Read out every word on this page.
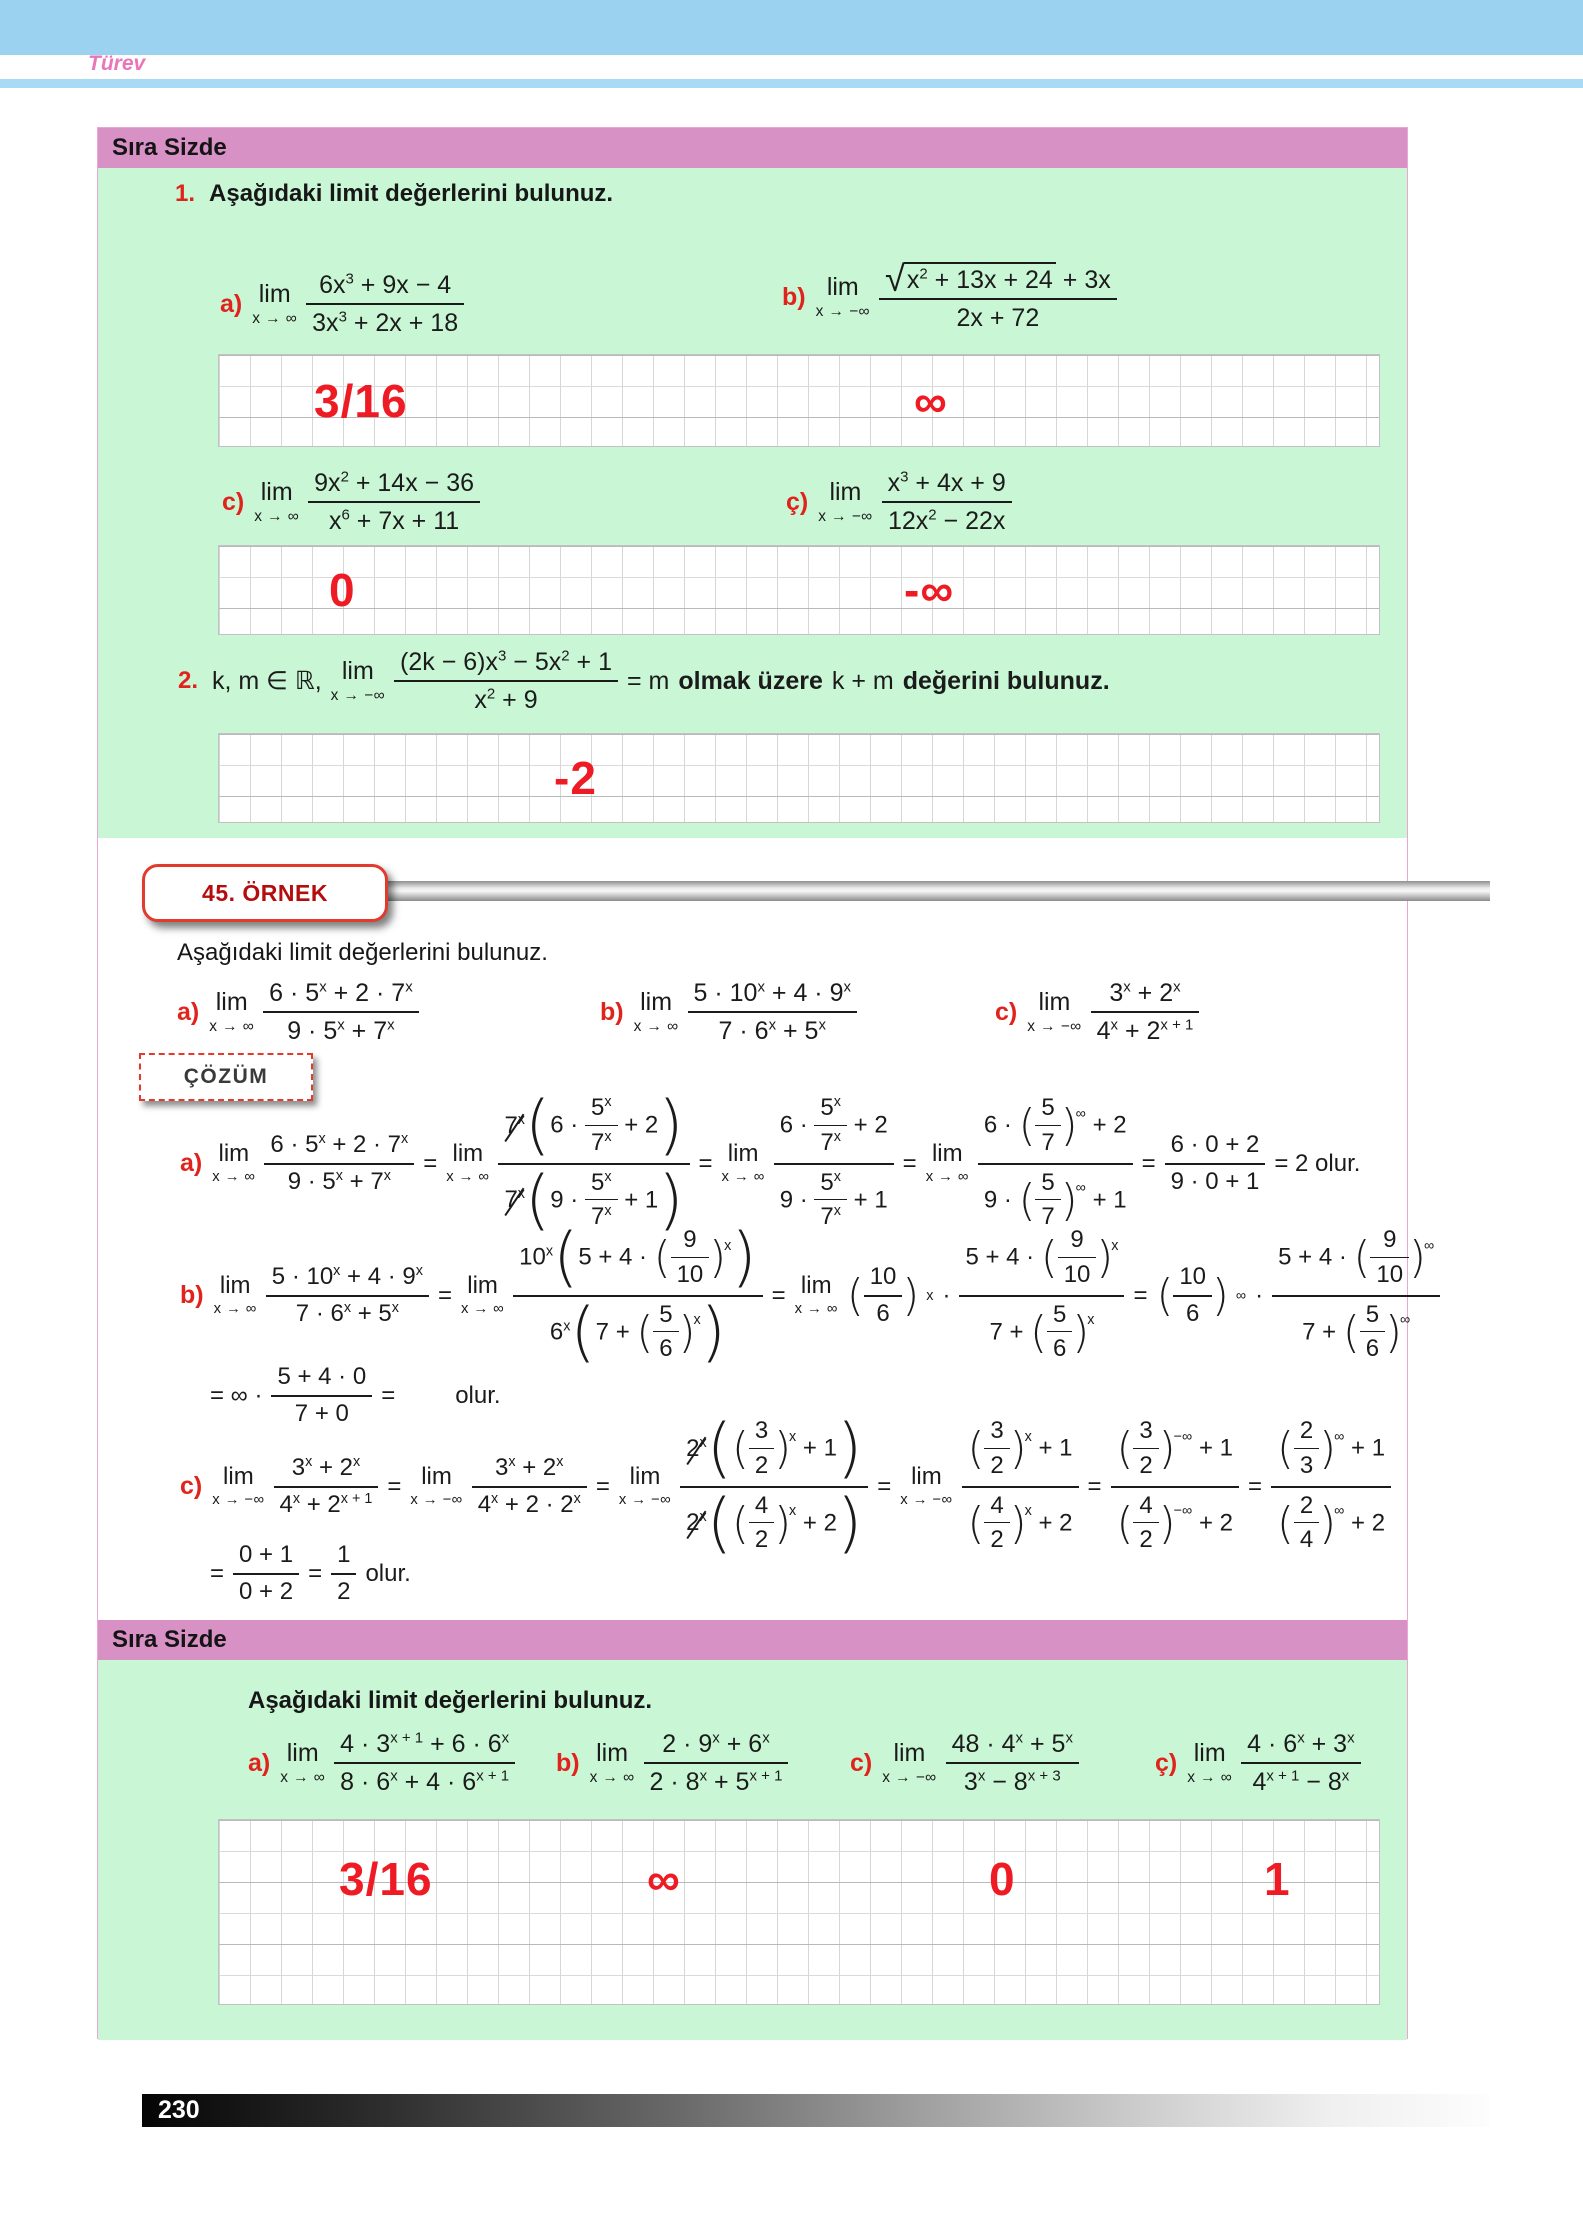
Türev
Sıra Sizde
1. Aşağıdaki limit değerlerini bulunuz.
a) lim
x → ∞
$6x^3 + 9x - 4$
$3x^3 + 2x + 18$
b) lim
x → −∞
$√x^2 + 13x + 24 + 3x$
2x + 72
3/16	∞
c) lim
x → ∞
$9x^2 + 14x - 36$
$x^6 + 7x + 11$
ç) lim
x → −∞
$x^3 + 4x + 9$
$12x^2 - 22x$
0	-∞
2. k, m ∈ ℝ, lim
x → −∞
$(2k - 6)x^3 - 5x^2 + 1$
$x^2 + 9$
= m olmak üzere k + m değerini bulunuz.
-2
45. ÖRNEK
Aşağıdaki limit değerlerini bulunuz.
a) lim
x → ∞
$6 \cdot 5^x + 2 \cdot 7^x$
$9 \cdot 5^x + 7^x$	b) lim
x → ∞
$5 \cdot 10^x + 4 \cdot 9^x$
$7 \cdot 6^x + 5^x$	c) lim
x → −∞
$3^x + 2^x$
$4^x + 2^{x + 1}$
ÇÖZÜM
a) lim
x → ∞
$6 \cdot 5^x + 2 \cdot 7^x$
$9 \cdot 5^x + 7^x$	= lim
x → ∞
7$^x$ ( $6 \cdot \frac{5^x}{7^x} + 2$ )
7$^x$ ( $9 \cdot \frac{5^x}{7^x} + 1$ )
= lim
x → ∞
$6 \cdot \frac{5^x}{7^x} + 2$
$9 \cdot \frac{5^x}{7^x} + 1$
= lim
x → ∞
6 · ( $\frac{5}{7}$
) ∞ + 2
9 · ( $\frac{5}{7}$
) ∞ + 1
=
6 · 0 + 2
9 · 0 + 1
= 2 olur.
b) lim
x → ∞
$5 \cdot 10^x + 4 \cdot 9^x$
$7 \cdot 6^x + 5^x$	= lim
x → ∞
10$^x$ ( 5 + 4 · ( $\frac{9}{10}$
) $^x$ )
6$^x$ ( 7 + ( $\frac{5}{6}$
) $^x$ )
= lim
x → ∞ ( $\frac{10}{6}$
) x ·
5 + 4 · ( $\frac{9}{10}$
) $^x$
7 + ( $\frac{5}{6}$
) $^x$
= ( $\frac{10}{6}$
) ∞ ·
5 + 4 · ( $\frac{9}{10}$
) ∞
7 + ( $\frac{5}{6}$
) ∞
= ∞ ·
5 + 4 · 0
7 + 0
=	olur.
c) lim
x → −∞
$3^x + 2^x$
$4^x + 2^{x + 1} = \lim$
x → −∞
$3^x + 2^x$
$4^x + 2 \cdot 2^x = \lim$
x → −∞
2$^x$ ( ( $\frac{3}{2}$
) $^x$ + 1 )
2$^x$ ( ( $\frac{4}{2}$
) $^x$ + 2 )
= lim
x → −∞
( $\frac{3}{2}$
) $^x$ + 1
( $\frac{4}{2}$
) $^x$ + 2
=
( $\frac{3}{2}$
) −∞ + 1
( $\frac{4}{2}$
) −∞ + 2
=
( $\frac{2}{3}$
) ∞ + 1
( $\frac{2}{4}$
) ∞ + 2
=
0 + 1
0 + 2
=
1
2
olur.
Sıra Sizde
Aşağıdaki limit değerlerini bulunuz.
a) lim
x → ∞
$4 \cdot 3^{x + 1} + 6 \cdot 6^x$
$8 \cdot 6^x + 4 \cdot 6^{x + 1}$ b) lim
x → ∞
$2 \cdot 9^x + 6^x$
$2 \cdot 8^x + 5^{x + 1}$	c) lim
x → −∞
$48 \cdot 4^x + 5^x$
$3^x - 8^{x + 3}$	ç) lim
x → ∞
$4 \cdot 6^x + 3^x$
$4^{x + 1} - 8^x$
3/16	∞	0	1
230
